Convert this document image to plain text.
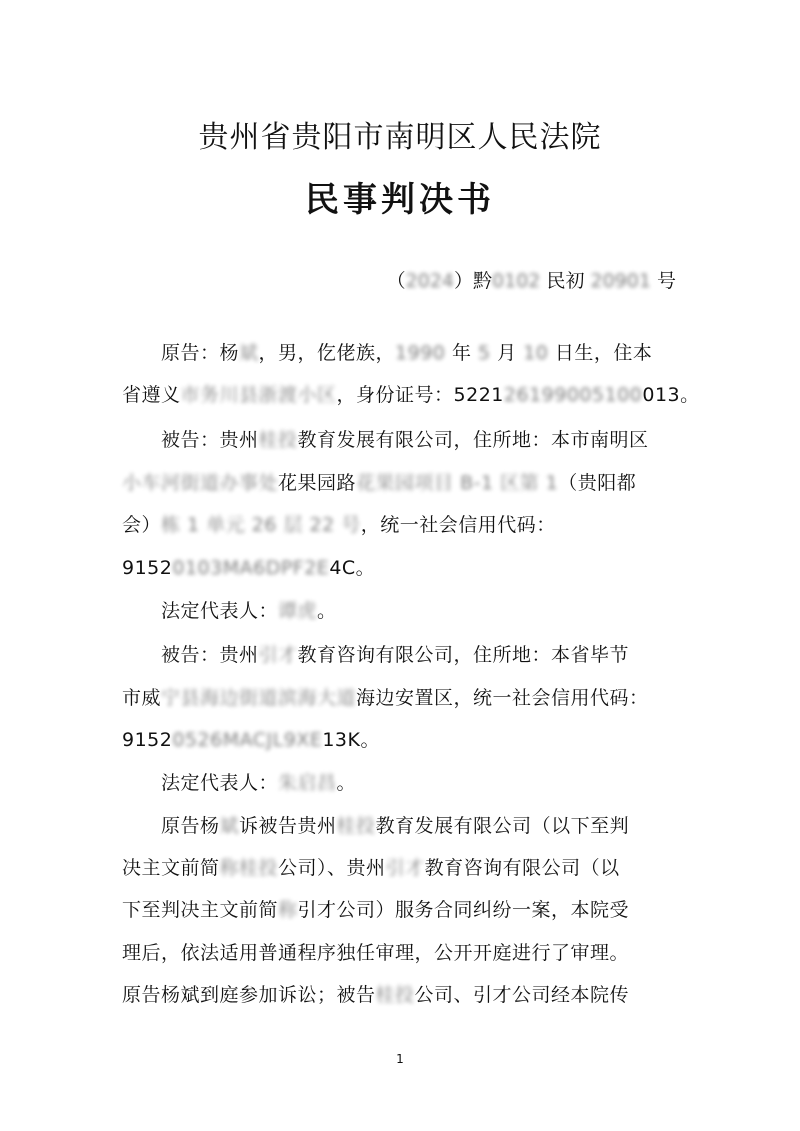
贵州省贵阳市南明区人民法院
民事判决书
（2024）黔0102 民初 20901 号
　　原告：杨斌，男，仡佬族，1990 年 5 月 10 日生，住本
省遵义市务川县浙渡小区，身份证号：522126199005100013。
　　被告：贵州桂投教育发展有限公司，住所地：本市南明区
小车河街道办事处花果园路花果园项目 B-1 区第 1（贵阳都
会）栋 1 单元 26 层 22 号，统一社会信用代码：
91520103MA6DPF2E4C。
　　法定代表人：谭虎。
　　被告：贵州引才教育咨询有限公司，住所地：本省毕节
市威宁县海边街道滨海大道海边安置区，统一社会信用代码：
91520526MACJL9XE13K。
　　法定代表人：朱启昌。
　　原告杨斌诉被告贵州桂投教育发展有限公司（以下至判
决主文前简称桂投公司）、贵州引才教育咨询有限公司（以
下至判决主文前简称引才公司）服务合同纠纷一案，本院受
理后，依法适用普通程序独任审理，公开开庭进行了审理。
原告杨斌到庭参加诉讼；被告桂投公司、引才公司经本院传
1
